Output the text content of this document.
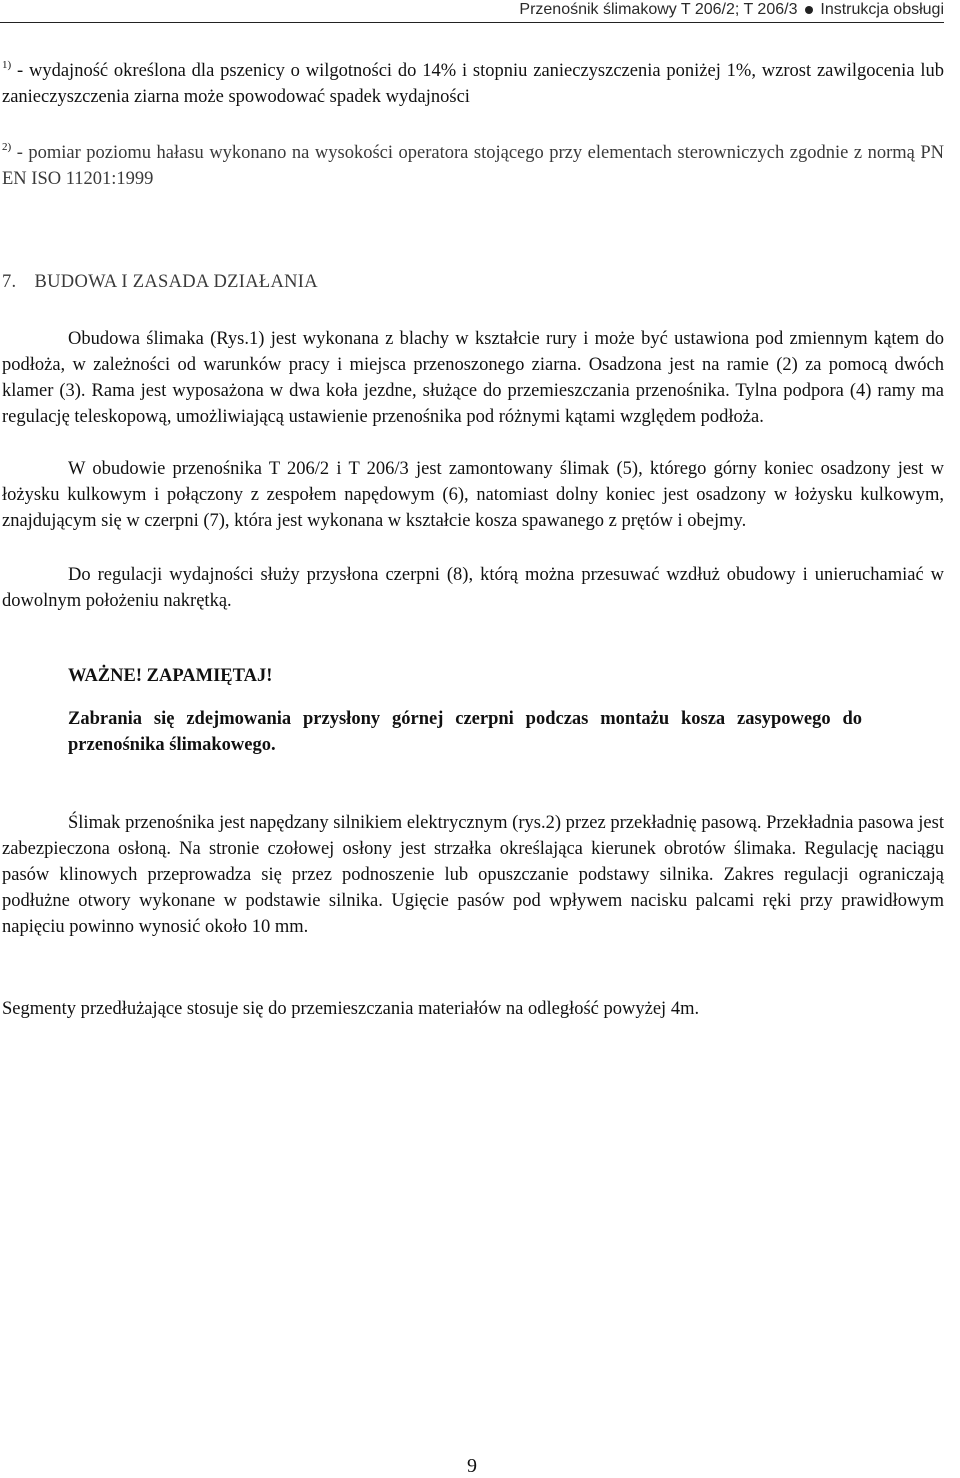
Przenośnik ślimakowy T 206/2; T 206/3 Instrukcja obsługi
$^{1)}$ - wydajność określona dla pszenicy o wilgotności do 14% i stopniu zanieczyszczenia poniżej 1%, wzrost zawilgocenia lub zanieczyszczenia ziarna może spowodować spadek wydajności
$^{2)}$ - pomiar poziomu hałasu wykonano na wysokości operatora stojącego przy elementach sterowniczych zgodnie z normą PN EN ISO 11201:1999
7. BUDOWA I ZASADA DZIAŁANIA
Obudowa ślimaka (Rys.1) jest wykonana z blachy w kształcie rury i może być ustawiona pod zmiennym kątem do podłoża, w zależności od warunków pracy i miejsca przenoszonego ziarna. Osadzona jest na ramie (2) za pomocą dwóch klamer (3). Rama jest wyposażona w dwa koła jezdne, służące do przemieszczania przenośnika. Tylna podpora (4) ramy ma regulację teleskopową, umożliwiającą ustawienie przenośnika pod różnymi kątami względem podłoża.
W obudowie przenośnika T 206/2 i T 206/3 jest zamontowany ślimak (5), którego górny koniec osadzony jest w łożysku kulkowym i połączony z zespołem napędowym (6), natomiast dolny koniec jest osadzony w łożysku kulkowym, znajdującym się w czerpni (7), która jest wykonana w kształcie kosza spawanego z prętów i obejmy.
Do regulacji wydajności służy przysłona czerpni (8), którą można przesuwać wzdłuż obudowy i unieruchamiać w dowolnym położeniu nakrętką.
WAŻNE! ZAPAMIĘTAJ!
Zabrania się zdejmowania przysłony górnej czerpni podczas montażu kosza zasypowego do przenośnika ślimakowego.
Ślimak przenośnika jest napędzany silnikiem elektrycznym (rys.2) przez przekładnię pasową. Przekładnia pasowa jest zabezpieczona osłoną. Na stronie czołowej osłony jest strzałka określająca kierunek obrotów ślimaka. Regulację naciągu pasów klinowych przeprowadza się przez podnoszenie lub opuszczanie podstawy silnika. Zakres regulacji ograniczają podłużne otwory wykonane w podstawie silnika. Ugięcie pasów pod wpływem nacisku palcami ręki przy prawidłowym napięciu powinno wynosić około 10 mm.
Segmenty przedłużające stosuje się do przemieszczania materiałów na odległość powyżej 4m.
9
